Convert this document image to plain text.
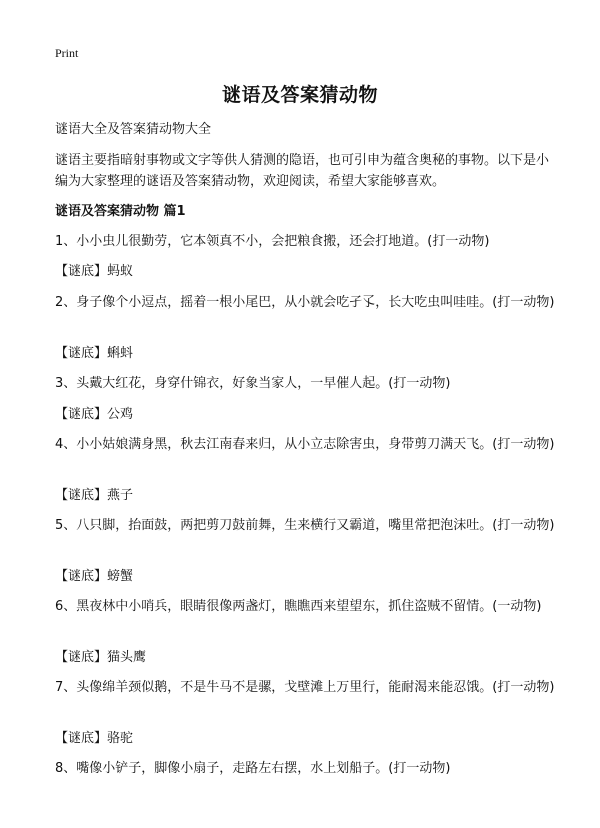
Print
谜语及答案猜动物

谜语大全及答案猜动物大全

谜语主要指暗射事物或文字等供人猜测的隐语，也可引申为蕴含奥秘的事物。以下是小编为大家整理的谜语及答案猜动物，欢迎阅读，希望大家能够喜欢。

谜语及答案猜动物 篇1

1、小小虫儿很勤劳，它本领真不小，会把粮食搬，还会打地道。(打一动物)

【谜底】蚂蚁

2、身子像个小逗点，摇着一根小尾巴，从小就会吃孑孓，长大吃虫叫哇哇。(打一动物)

【谜底】蝌蚪

3、头戴大红花，身穿什锦衣，好象当家人，一早催人起。(打一动物)

【谜底】公鸡

4、小小姑娘满身黑，秋去江南春来归，从小立志除害虫，身带剪刀满天飞。(打一动物)

【谜底】燕子

5、八只脚，抬面鼓，两把剪刀鼓前舞，生来横行又霸道，嘴里常把泡沫吐。(打一动物)

【谜底】螃蟹

6、黑夜林中小哨兵，眼睛很像两盏灯，瞧瞧西来望望东，抓住盗贼不留情。(一动物)

【谜底】猫头鹰

7、头像绵羊颈似鹅，不是牛马不是骡，戈壁滩上万里行，能耐渴来能忍饿。(打一动物)

【谜底】骆驼

8、嘴像小铲子，脚像小扇子，走路左右摆，水上划船子。(打一动物)
